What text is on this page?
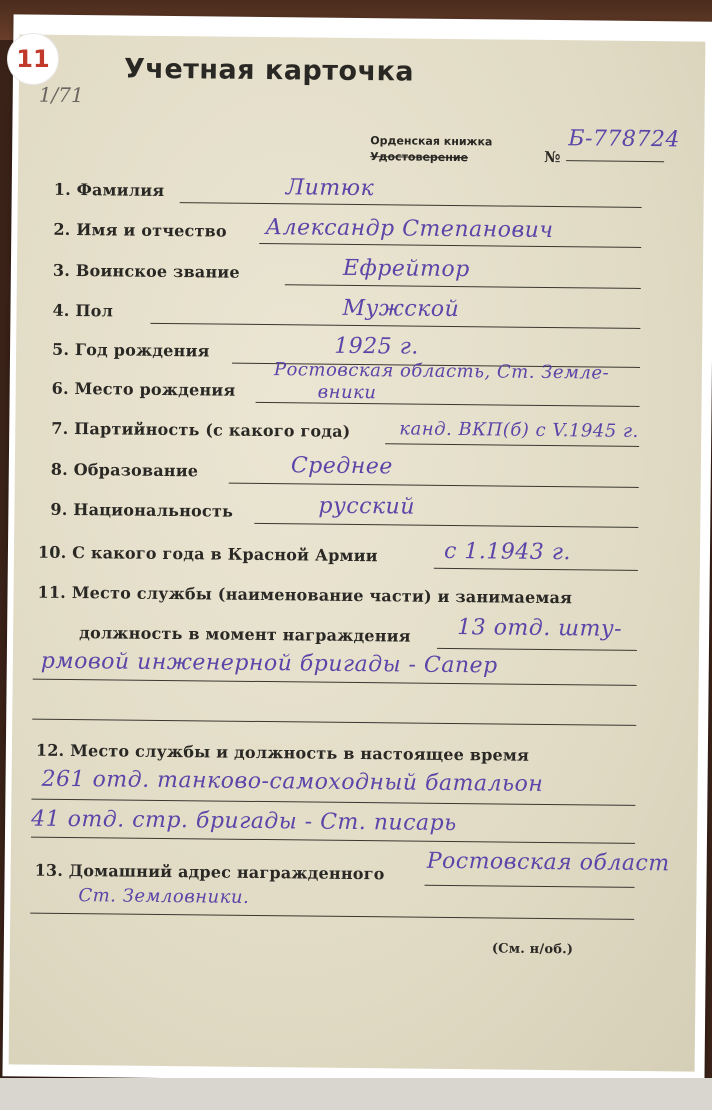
11
1/71
Учетная карточка
Орденская книжка
Удостоверение	№
Б-778724
1. Фамилия	Литюк
2. Имя и отчество Александр Степанович
3. Воинское звание	Ефрейтор
4. Пол	Мужской
5. Год рождения	1925 г.
6. Место рождения
Ростовская область, Ст. Земле-
вники
7. Партийность (с какого года)	канд. ВКП(б) с V.1945 г.
8. Образование	Среднее
9. Национальность	русский
10. С какого года в Красной Армии	с 1.1943 г.
11. Место службы (наименование части) и занимаемая
должность в момент награждения 13 отд. шту-
рмовой инженерной бригады - Сапер
12. Место службы и должность в настоящее время
261 отд. танково-самоходный батальон
41 отд. стр. бригады - Ст. писарь
13. Домашний адрес награжденного Ростовская област
Ст. Земловники.
(См. н/об.)
